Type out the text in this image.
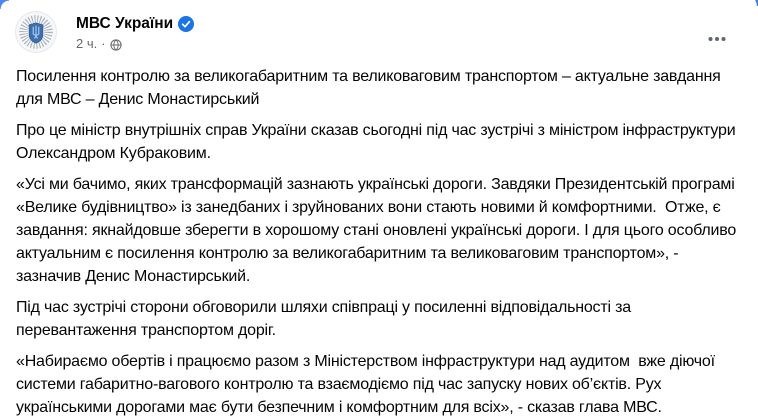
МВС України
2 ч. ·

Посилення контролю за великогабаритним та великоваговим транспортом – актуальне завдання для МВС – Денис Монастирський

Про це міністр внутрішніх справ України сказав сьогодні під час зустрічі з міністром інфраструктури Олександром Кубраковим.

«Усі ми бачимо, яких трансформацій зазнають українські дороги. Завдяки Президентській програмі «Велике будівництво» із занедбаних і зруйнованих вони стають новими й комфортними.  Отже, є завдання: якнайдовше зберегти в хорошому стані оновлені українські дороги. І для цього особливо актуальним є посилення контролю за великогабаритним та великоваговим транспортом», - зазначив Денис Монастирський.

Під час зустрічі сторони обговорили шляхи співпраці у посиленні відповідальності за перевантаження транспортом доріг.

«Набираємо обертів і працюємо разом з Міністерством інфраструктури над аудитом  вже діючої системи габаритно-вагового контролю та взаємодіємо під час запуску нових об’єктів. Рух українськими дорогами має бути безпечним і комфортним для всіх», - сказав глава МВС.
